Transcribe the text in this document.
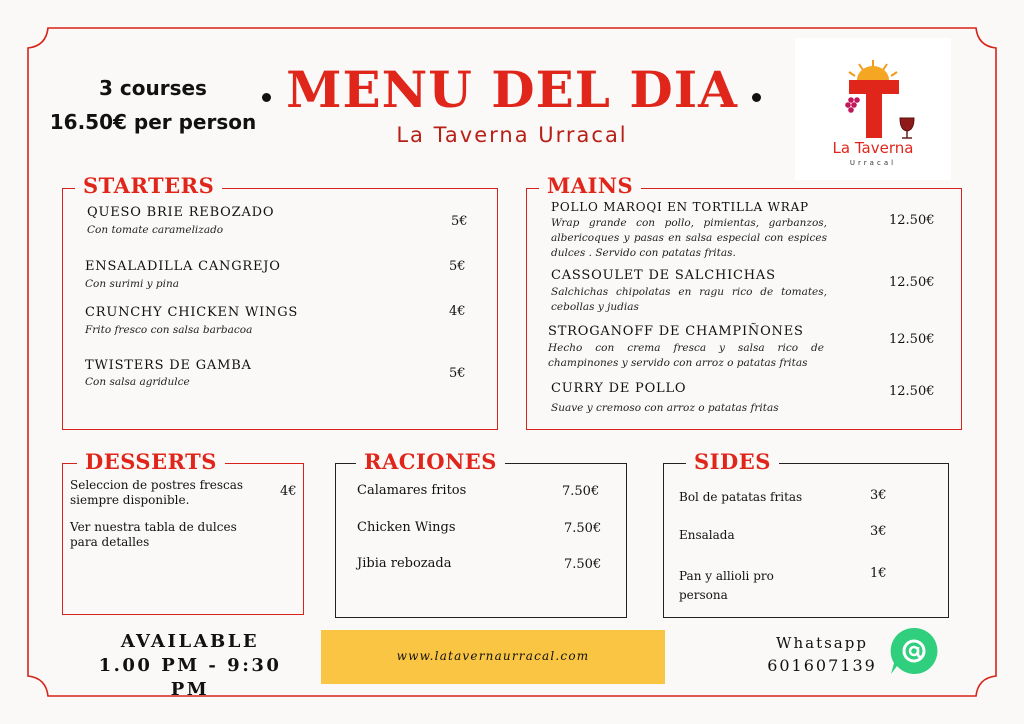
3 courses
16.50€ per person
MENU DEL DIA
La Taverna Urracal
La Taverna
Urracal
STARTERS
QUESO BRIE REBOZADO
Con tomate caramelizado
5€
ENSALADILLA CANGREJO
Con surimi y pina
5€
CRUNCHY CHICKEN WINGS
Frito fresco con salsa barbacoa
4€
TWISTERS DE GAMBA
Con salsa agridulce
5€
MAINS
POLLO MAROQI EN TORTILLA WRAP
Wrap grande con pollo, pimientas, garbanzos, albericoques y pasas en salsa especial con espices dulces . Servido con patatas fritas.
12.50€
CASSOULET DE SALCHICHAS
Salchichas chipolatas en ragu rico de tomates, cebollas y judias
12.50€
STROGANOFF DE CHAMPIÑONES
Hecho con crema fresca y salsa rico de champinones y servido con arroz o patatas fritas
12.50€
CURRY DE POLLO
Suave y cremoso con arroz o patatas fritas
12.50€
DESSERTS
Seleccion de postres frescas siempre disponible.
4€
Ver nuestra tabla de dulces para detalles
RACIONES
Calamares fritos	7.50€
Chicken Wings	7.50€
Jibia rebozada	7.50€
SIDES
Bol de patatas fritas	3€
Ensalada	3€
Pan y allioli pro persona
1€
AVAILABLE
1.00 PM - 9:30 PM
www.latavernaurracal.com
Whatsapp
601607139
